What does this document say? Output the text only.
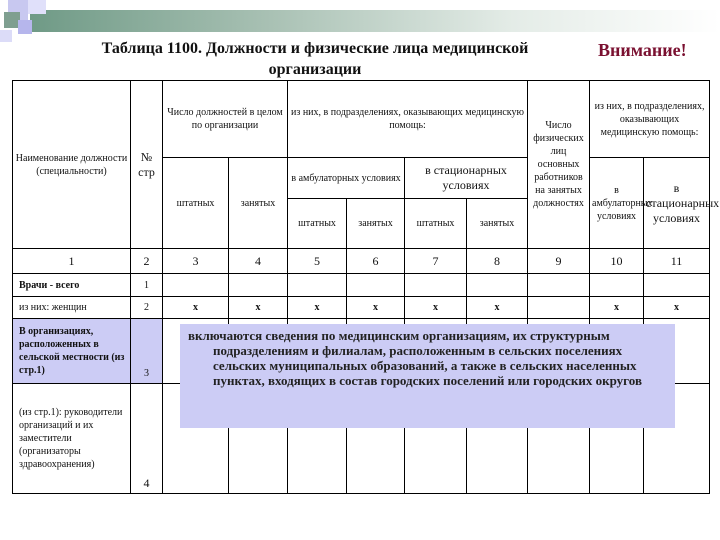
Таблица 1100. Должности и физические лица медицинской организации
Внимание!
Наименование должности (специальности)	№ стр	Число должностей в целом по организации		из них, в подразделениях, оказывающих медицинскую помощь:				Число физических лиц основных работников на занятых должностях	из них, в подразделениях, оказывающих медицинскую помощь:	
		штатных	занятых	в амбулаторных условиях		в стационарных условиях			в амбулаторных условиях	в стационарных условиях
				штатных	занятых	штатных	занятых			
1	2	3	4	5	6	7	8	9	10	11
Врачи - всего	1									
из них: женщин	2	x	x	x	x	x	x		x	x
В организациях, расположенных в сельской местности (из стр.1)	3									
(из стр.1): руководители организаций и их заместители (организаторы здравоохранения)	4									
включаются сведения по медицинским организациям, их структурным подразделениям и филиалам, расположенным в сельских поселениях сельских муниципальных образований, а также в сельских населенных пунктах, входящих в состав городских поселений или городских округов
